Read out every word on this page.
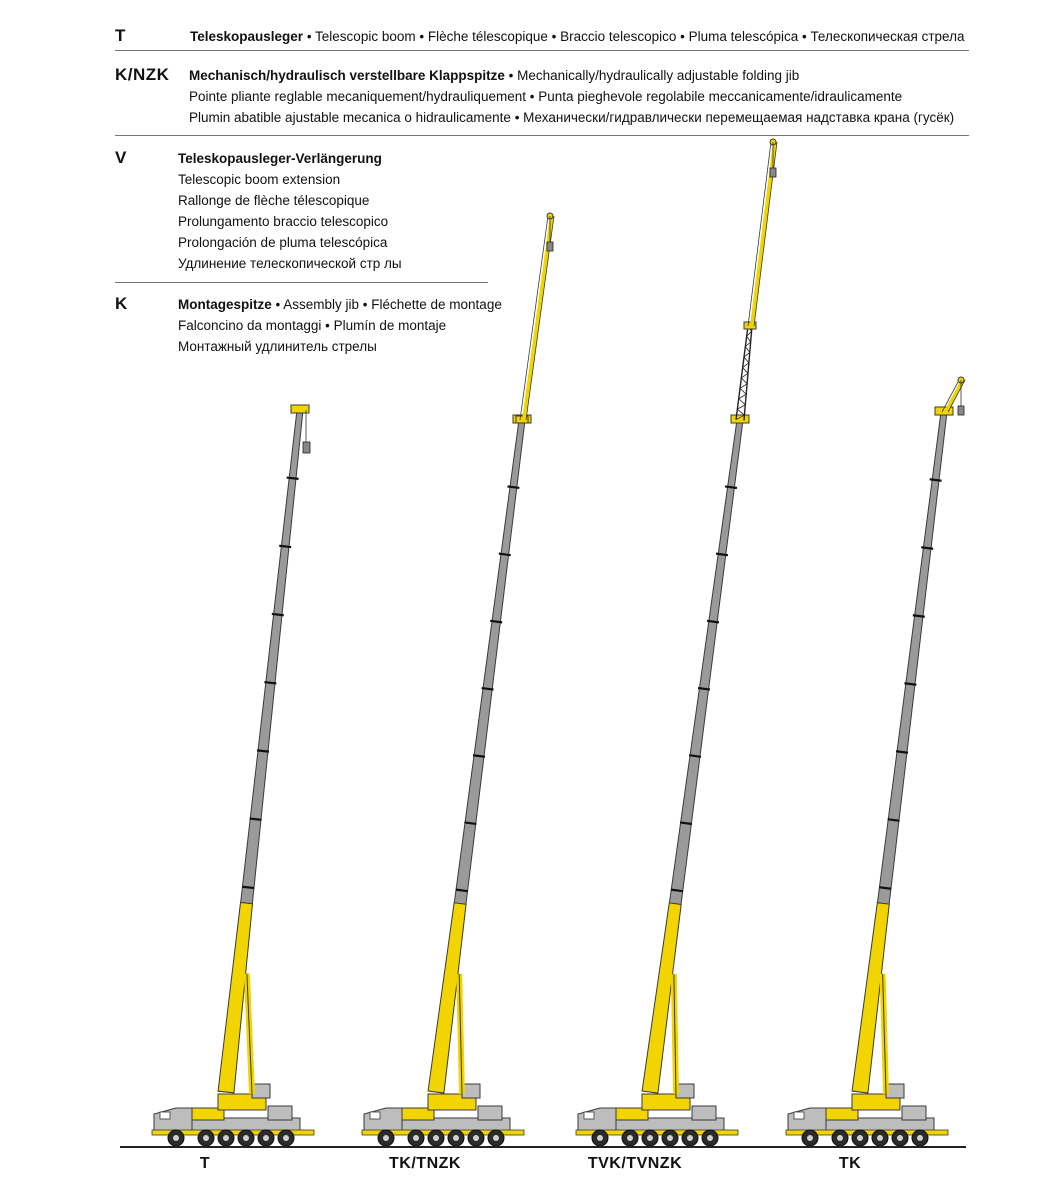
T	Teleskopausleger • Telescopic boom • Flèche télescopique • Braccio telescopico • Pluma telescópica • Телескопическая стрела
K/NZK Mechanisch/hydraulisch verstellbare Klappspitze • Mechanically/hydraulically adjustable folding jib
Pointe pliante reglable mecaniquement/hydrauliquement • Punta pieghevole regolabile meccanicamente/idraulicamente
Plumin abatible ajustable mecanica o hidraulicamente • Механически/гидравлически перемещаемая надставка крана (гусёк)
V	Teleskopausleger-Verlängerung
Telescopic boom extension
Rallonge de flèche télescopique
Prolungamento braccio telescopico
Prolongación de pluma telescópica
Удлинение телескопической стр лы
K	Montagespitze • Assembly jib • Fléchette de montage
Falconcino da montaggi • Plumín de montaje
Монтажный удлинитель стрелы
T	TK/TNZK	TVK/TVNZK	TK
